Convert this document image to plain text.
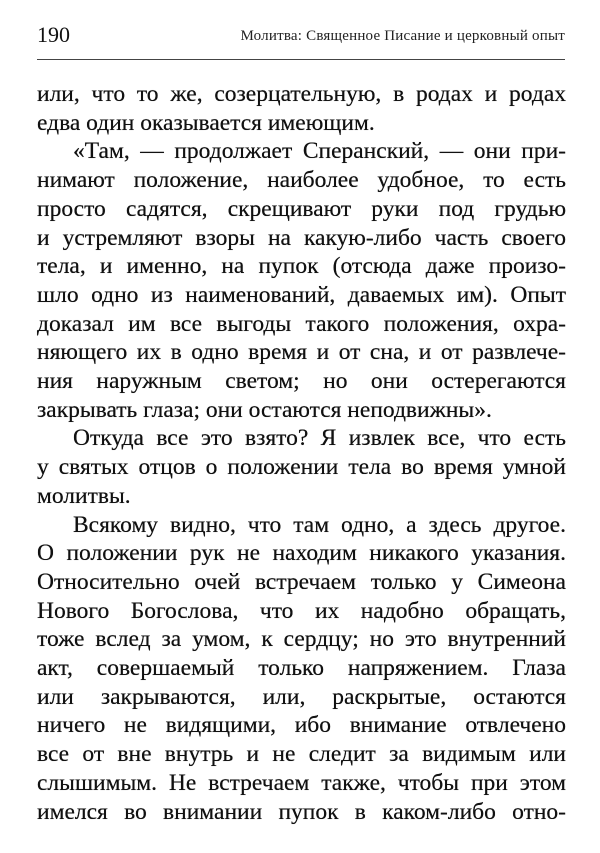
190	Молитва: Священное Писание и церковный опыт
или, что то же, созерцательную, в родах и родах
едва один оказывается имеющим.
«Там, — продолжает Сперанский, — они при-
нимают положение, наиболее удобное, то есть
просто садятся, скрещивают руки под грудью
и устремляют взоры на какую-либо часть своего
тела, и именно, на пупок (отсюда даже произо-
шло одно из наименований, даваемых им). Опыт
доказал им все выгоды такого положения, охра-
няющего их в одно время и от сна, и от развлече-
ния наружным светом; но они остерегаются
закрывать глаза; они остаются неподвижны».
Откуда все это взято? Я извлек все, что есть
у святых отцов о положении тела во время умной
молитвы.
Всякому видно, что там одно, а здесь другое.
О положении рук не находим никакого указания.
Относительно очей встречаем только у Симеона
Нового Богослова, что их надобно обращать,
тоже вслед за умом, к сердцу; но это внутренний
акт, совершаемый только напряжением. Глаза
или закрываются, или, раскрытые, остаются
ничего не видящими, ибо внимание отвлечено
все от вне внутрь и не следит за видимым или
слышимым. Не встречаем также, чтобы при этом
имелся во внимании пупок в каком-либо отно-
